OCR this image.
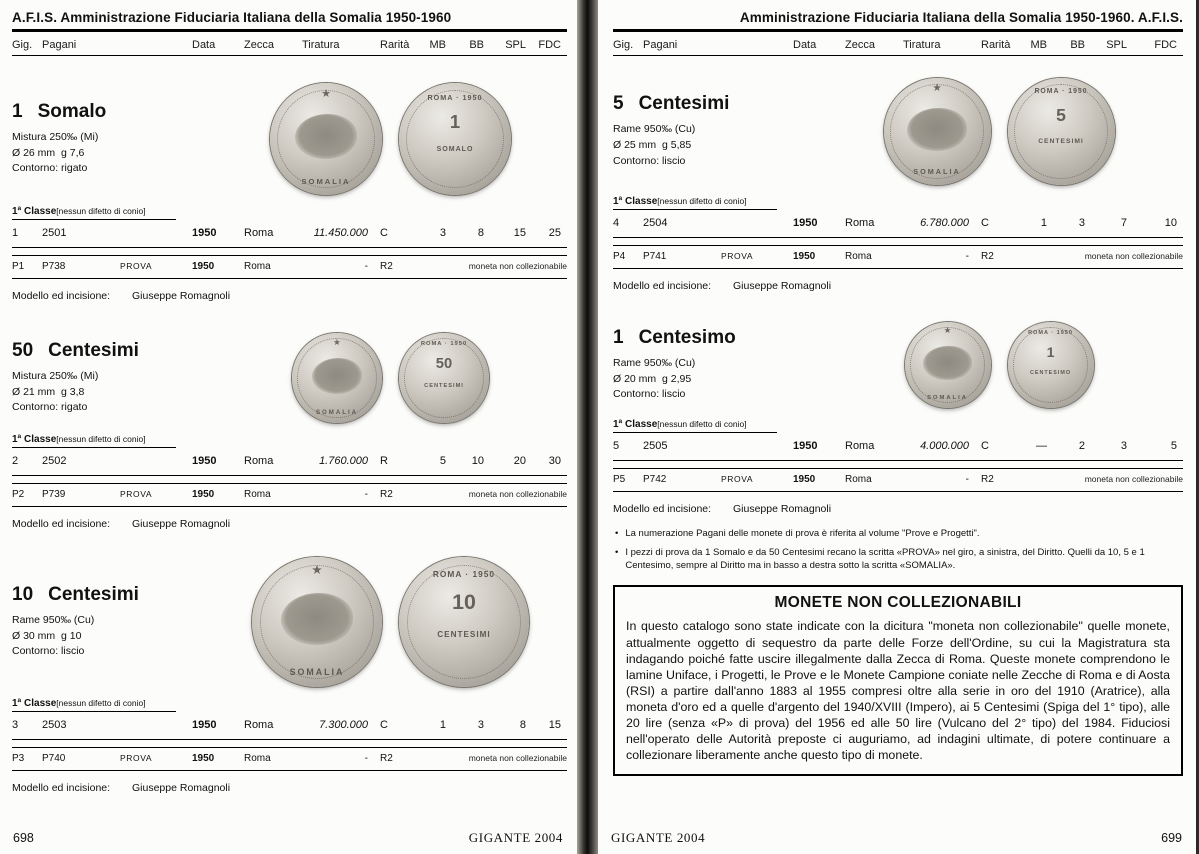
A.F.I.S. Amministrazione Fiduciaria Italiana della Somalia 1950-1960
Gig. Pagani	Data	Zecca	Tiratura	Rarità	MB	BB	SPL	FDC
1 Somalo
Mistura 250‰ (Mi)
Ø 26 mm  g 7,6
Contorno: rigato
★
SOMALIA
ROMA · 1950
1
SOMALO
1ª Classe[nessun difetto di conio]
1	2501	1950	Roma	11.450.000	C	3	8	15	25
P1	P738	PROVA	1950	Roma	-	R2	moneta non collezionabile
Modello ed incisione: Giuseppe Romagnoli
50 Centesimi
Mistura 250‰ (Mi)
Ø 21 mm  g 3,8
Contorno: rigato
★	SOMALIA
ROMA · 1950
50
CENTESIMI
1ª Classe[nessun difetto di conio]
2	2502	1950	Roma	1.760.000	R	5	10	20	30
P2	P739	PROVA	1950	Roma	-	R2	moneta non collezionabile
Modello ed incisione: Giuseppe Romagnoli
10 Centesimi
Rame 950‰ (Cu)
Ø 30 mm  g 10
Contorno: liscio
★
SOMALIA
ROMA · 1950
10
CENTESIMI
1ª Classe[nessun difetto di conio]
3	2503	1950	Roma	7.300.000	C	1	3	8	15
P3	P740	PROVA	1950	Roma	-	R2	moneta non collezionabile
Modello ed incisione: Giuseppe Romagnoli
698	GIGANTE 2004
Amministrazione Fiduciaria Italiana della Somalia 1950-1960. A.F.I.S.
Gig. Pagani	Data	Zecca	Tiratura	Rarità	MB	BB	SPL	FDC
5 Centesimi
Rame 950‰ (Cu)
Ø 25 mm  g 5,85
Contorno: liscio
★
SOMALIA
ROMA · 1950
5
CENTESIMI
1ª Classe[nessun difetto di conio]
4	2504	1950	Roma	6.780.000	C	1	3	7	10
P4	P741	PROVA	1950	Roma	-	R2	moneta non collezionabile
Modello ed incisione: Giuseppe Romagnoli
1 Centesimo
Rame 950‰ (Cu)
Ø 20 mm  g 2,95
Contorno: liscio
★	SOMALIA
ROMA · 1950
1
CENTESIMO
1ª Classe[nessun difetto di conio]
5	2505	1950	Roma	4.000.000	C	—	2	3	5
P5	P742	PROVA	1950	Roma	-	R2	moneta non collezionabile
Modello ed incisione: Giuseppe Romagnoli
•
La numerazione Pagani delle monete di prova è riferita al volume "Prove e Progetti".
•
I pezzi di prova da 1 Somalo e da 50 Centesimi recano la scritta «PROVA» nel giro, a sinistra, del Diritto. Quelli da 10, 5 e 1 Centesimo, sempre al Diritto ma in basso a destra sotto la scritta «SOMALIA».
MONETE NON COLLEZIONABILI

In questo catalogo sono state indicate con la dicitura "moneta non collezionabile" quelle monete, attualmente oggetto di sequestro da parte delle Forze dell'Ordine, su cui la Magistratura sta indagando poiché fatte uscire illegalmente dalla Zecca di Roma. Queste monete comprendono le lamine Uniface, i Progetti, le Prove e le Monete Campione coniate nelle Zecche di Roma e di Aosta (RSI) a partire dall'anno 1883 al 1955 compresi oltre alla serie in oro del 1910 (Aratrice), alla moneta d'oro ed a quelle d'argento del 1940/XVIII (Impero), ai 5 Centesimi (Spiga del 1° tipo), alle 20 lire (senza «P» di prova) del 1956 ed alle 50 lire (Vulcano del 2° tipo) del 1984. Fiduciosi nell'operato delle Autorità preposte ci auguriamo, ad indagini ultimate, di potere continuare a collezionare liberamente anche questo tipo di monete.

GIGANTE 2004	699
